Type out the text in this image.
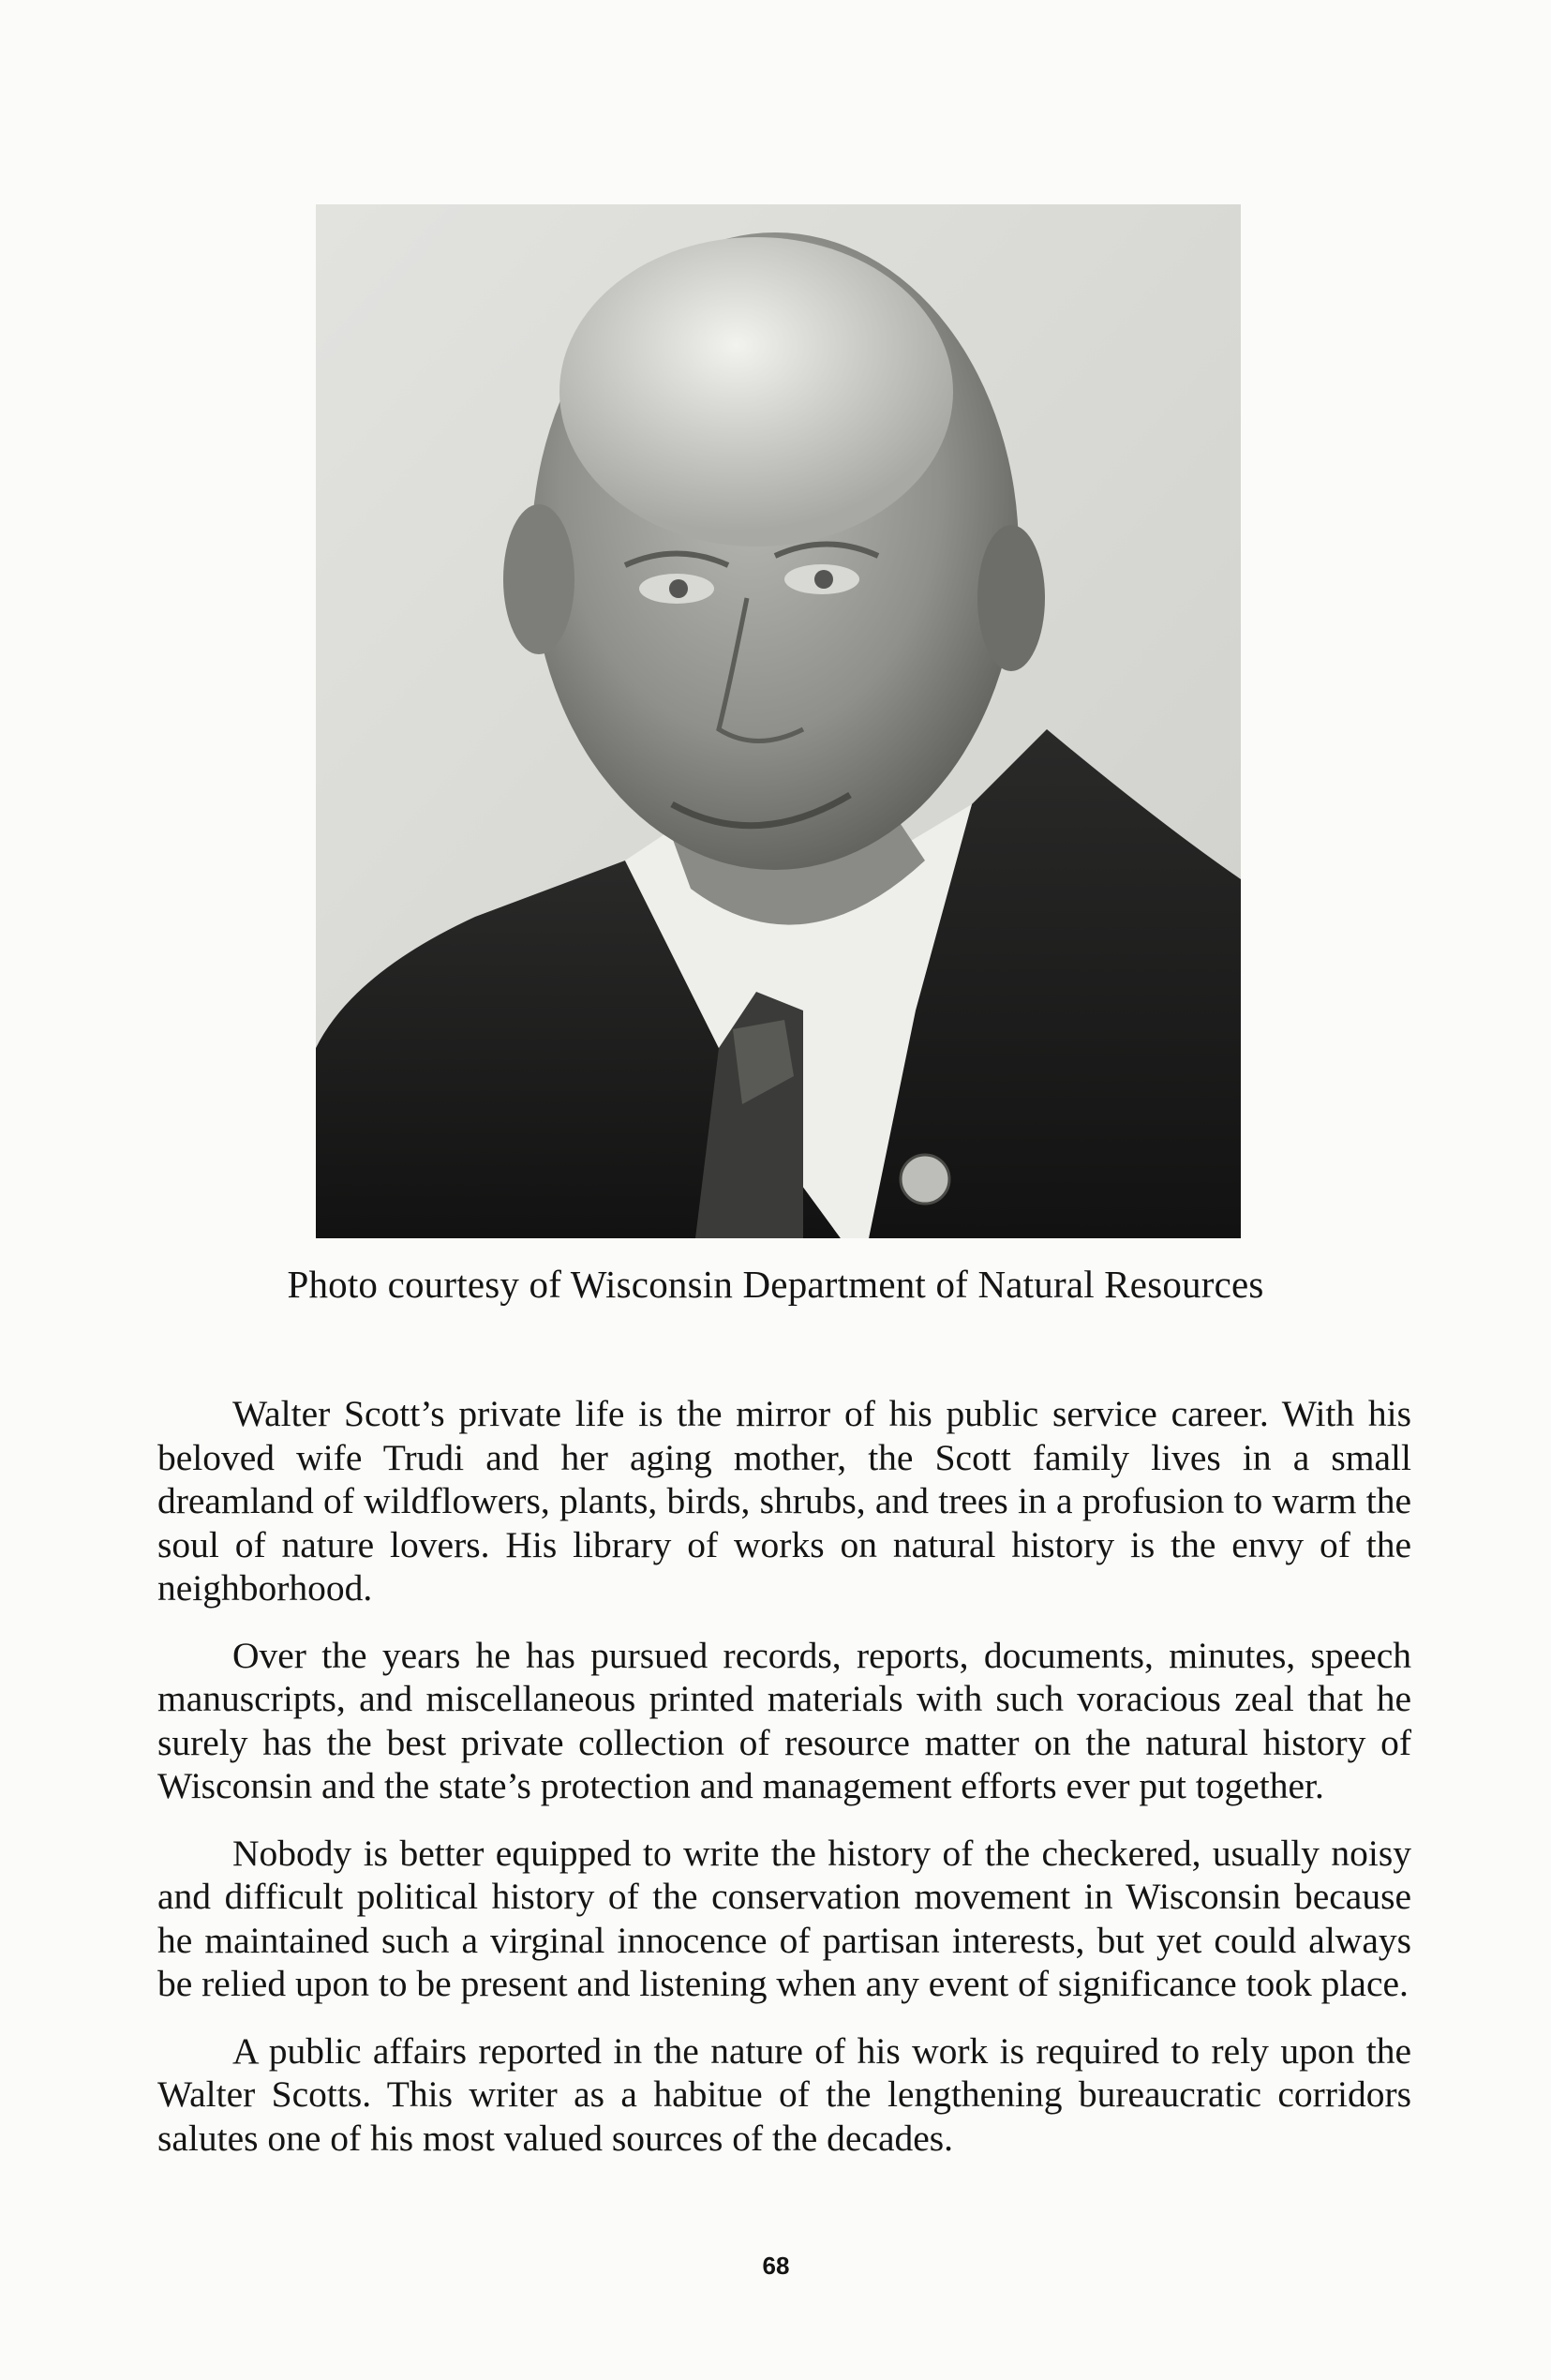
Photo courtesy of Wisconsin Department of Natural Resources

Walter Scott’s private life is the mirror of his public service career. With his beloved wife Trudi and her aging mother, the Scott family lives in a small dreamland of wildflowers, plants, birds, shrubs, and trees in a profusion to warm the soul of nature lovers. His library of works on natural history is the envy of the neighborhood.

Over the years he has pursued records, reports, documents, minutes, speech manuscripts, and miscellaneous printed materials with such voracious zeal that he surely has the best private collection of resource matter on the natural history of Wisconsin and the state’s protection and management efforts ever put together.

Nobody is better equipped to write the history of the checkered, usually noisy and difficult political history of the conservation movement in Wisconsin because he maintained such a virginal innocence of partisan interests, but yet could always be relied upon to be present and listening when any event of significance took place.

A public affairs reported in the nature of his work is required to rely upon the Walter Scotts. This writer as a habitue of the lengthening bureaucratic corridors salutes one of his most valued sources of the decades.

68
